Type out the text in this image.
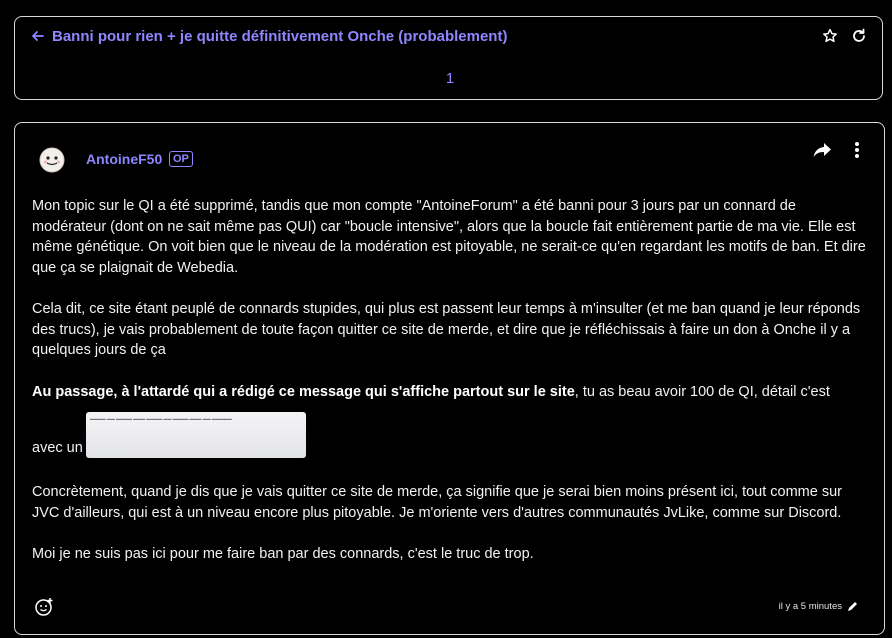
Banni pour rien + je quitte définitivement Onche (probablement)
1
AntoineF50 OP

Mon topic sur le QI a été supprimé, tandis que mon compte "AntoineForum" a été banni pour 3 jours par un connard de modérateur (dont on ne sait même pas QUI) car "boucle intensive", alors que la boucle fait entièrement partie de ma vie. Elle est même génétique. On voit bien que le niveau de la modération est pitoyable, ne serait-ce qu'en regardant les motifs de ban. Et dire que ça se plaignait de Webedia.

Cela dit, ce site étant peuplé de connards stupides, qui plus est passent leur temps à m'insulter (et me ban quand je leur réponds des trucs), je vais probablement de toute façon quitter ce site de merde, et dire que je réfléchissais à faire un don à Onche il y a quelques jours de ça

Au passage, à l'attardé qui a rédigé ce message qui s'affiche partout sur le site, tu as beau avoir 100 de QI, détail c'est

avec un
▬▬▬▬ ▬▬ ▬▬▬▬ ▬▬▬ ▬▬▬▬ ▬▬ ▬▬▬▬ ▬▬▬ ▬▬ ▬▬▬▬▬

Concrètement, quand je dis que je vais quitter ce site de merde, ça signifie que je serai bien moins présent ici, tout comme sur JVC d'ailleurs, qui est à un niveau encore plus pitoyable. Je m'oriente vers d'autres communautés JvLike, comme sur Discord.

Moi je ne suis pas ici pour me faire ban par des connards, c'est le truc de trop.

il y a 5 minutes
